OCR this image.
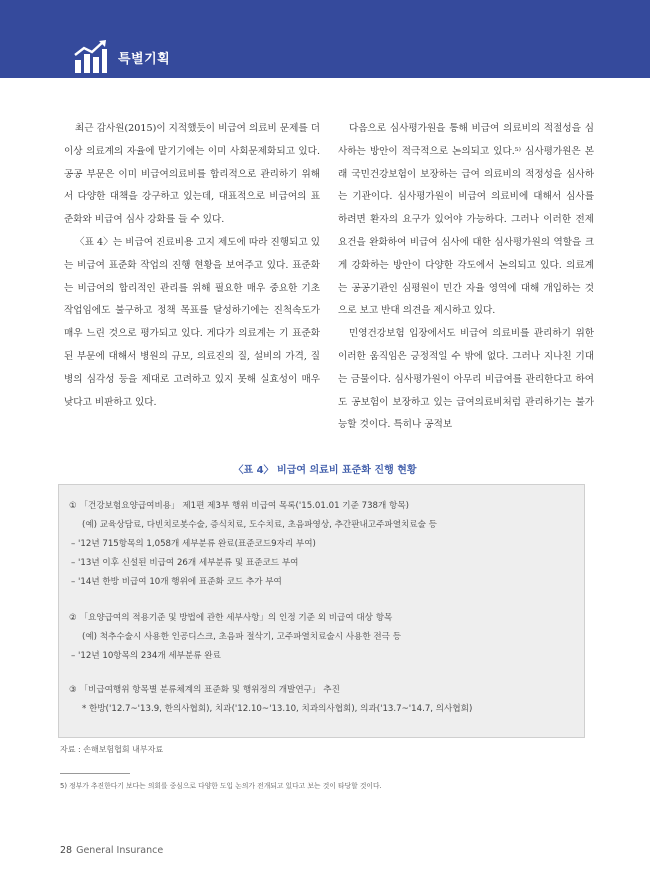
특별기획

최근 감사원(2015)이 지적했듯이 비급여 의료비 문제를 더 이상 의료계의 자율에 맡기기에는 이미 사회문제화되고 있다. 공공 부문은 이미 비급여의료비를 합리적으로 관리하기 위해서 다양한 대책을 강구하고 있는데, 대표적으로 비급여의 표준화와 비급여 심사 강화를 들 수 있다.

〈표 4〉는 비급여 진료비용 고지 제도에 따라 진행되고 있는 비급여 표준화 작업의 진행 현황을 보여주고 있다. 표준화는 비급여의 합리적인 관리를 위해 필요한 매우 중요한 기초 작업임에도 불구하고 정책 목표를 달성하기에는 진척속도가 매우 느린 것으로 평가되고 있다. 게다가 의료계는 기 표준화된 부문에 대해서 병원의 규모, 의료진의 질, 설비의 가격, 질병의 심각성 등을 제대로 고려하고 있지 못해 실효성이 매우 낮다고 비판하고 있다.

다음으로 심사평가원을 통해 비급여 의료비의 적절성을 심사하는 방안이 적극적으로 논의되고 있다.⁵⁾ 심사평가원은 본래 국민건강보험이 보장하는 급여 의료비의 적정성을 심사하는 기관이다. 심사평가원이 비급여 의료비에 대해서 심사를 하려면 환자의 요구가 있어야 가능하다. 그러나 이러한 전제 요건을 완화하여 비급여 심사에 대한 심사평가원의 역할을 크게 강화하는 방안이 다양한 각도에서 논의되고 있다. 의료계는 공공기관인 심평원이 민간 자율 영역에 대해 개입하는 것으로 보고 반대 의견을 제시하고 있다.

민영건강보험 입장에서도 비급여 의료비를 관리하기 위한 이러한 움직임은 긍정적일 수 밖에 없다. 그러나 지나친 기대는 금물이다. 심사평가원이 아무리 비급여를 관리한다고 하여도 공보험이 보장하고 있는 급여의료비처럼 관리하기는 불가능할 것이다. 특히나 공적보

〈표 4〉 비급여 의료비 표준화 진행 현황
① 「건강보험요양급여비용」 제1편 제3부 행위 비급여 목록('15.01.01 기준 738개 항목)
(예) 교육상담료, 다빈치로봇수술, 증식치료, 도수치료, 초음파영상, 추간판내고주파열치료술 등
– '12년 715항목의 1,058개 세부분류 완료(표준코드9자리 부여)
– '13년 이후 신설된 비급여 26개 세부분류 및 표준코드 부여
– '14년 한방 비급여 10개 행위에 표준화 코드 추가 부여
② 「요양급여의 적용기준 및 방법에 관한 세부사항」의 인정 기준 외 비급여 대상 항목
(예) 척추수술시 사용한 인공디스크, 초음파 절삭기, 고주파열치료술시 사용한 전극 등
– '12년 10항목의 234개 세부분류 완료
③ 「비급여행위 항목별 분류체계의 표준화 및 행위정의 개발연구」 추진
* 한방('12.7~'13.9, 한의사협회), 치과('12.10~'13.10, 치과의사협회), 의과('13.7~'14.7, 의사협회)
자료 : 손해보험협회 내부자료
5) 정부가 추진한다기 보다는 의회를 중심으로 다양한 도입 논의가 전개되고 있다고 보는 것이 타당할 것이다.
28 General Insurance
